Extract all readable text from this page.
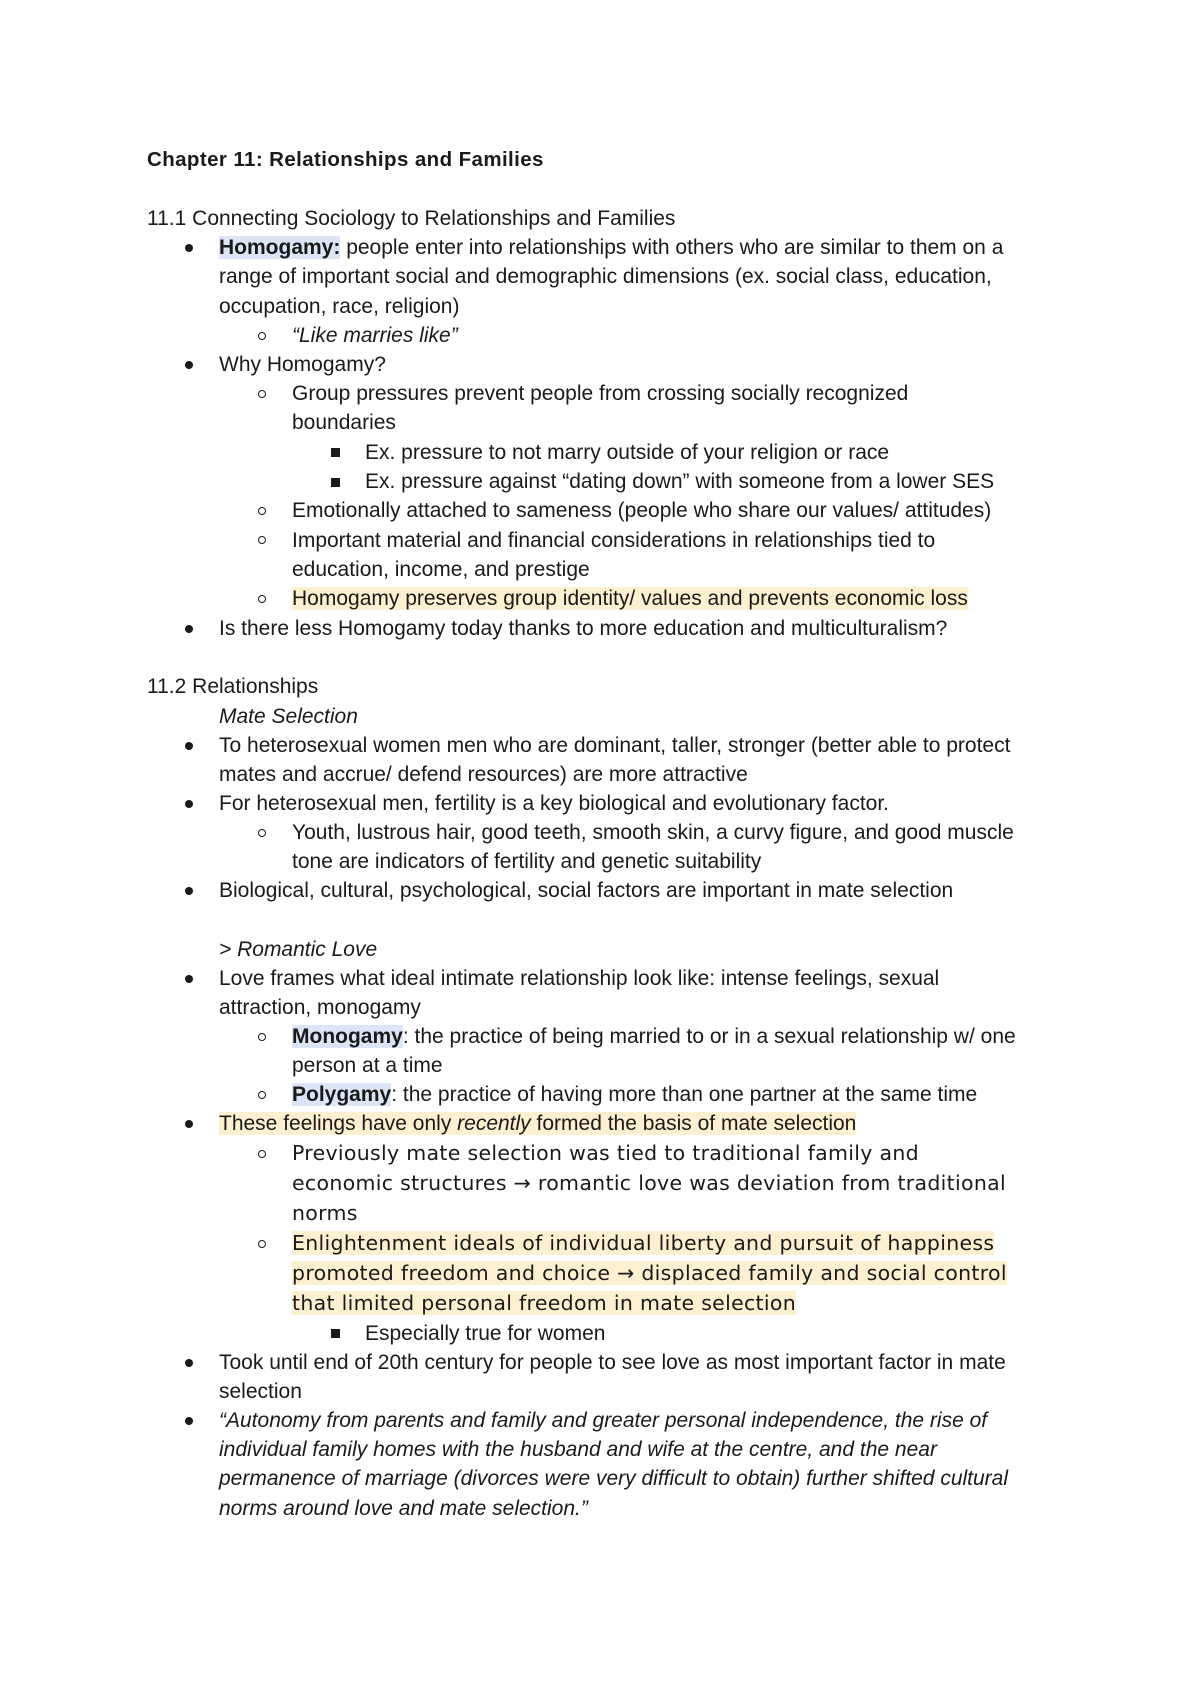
Chapter 11: Relationships and Families
11.1 Connecting Sociology to Relationships and Families
Homogamy: people enter into relationships with others who are similar to them on a
range of important social and demographic dimensions (ex. social class, education,
occupation, race, religion)
“Like marries like”
Why Homogamy?
Group pressures prevent people from crossing socially recognized
boundaries
Ex. pressure to not marry outside of your religion or race
Ex. pressure against “dating down” with someone from a lower SES
Emotionally attached to sameness (people who share our values/ attitudes)
Important material and financial considerations in relationships tied to
education, income, and prestige
Homogamy preserves group identity/ values and prevents economic loss
Is there less Homogamy today thanks to more education and multiculturalism?
11.2 Relationships
Mate Selection
To heterosexual women men who are dominant, taller, stronger (better able to protect
mates and accrue/ defend resources) are more attractive
For heterosexual men, fertility is a key biological and evolutionary factor.
Youth, lustrous hair, good teeth, smooth skin, a curvy figure, and good muscle
tone are indicators of fertility and genetic suitability
Biological, cultural, psychological, social factors are important in mate selection
> Romantic Love
Love frames what ideal intimate relationship look like: intense feelings, sexual
attraction, monogamy
Monogamy: the practice of being married to or in a sexual relationship w/ one
person at a time
Polygamy: the practice of having more than one partner at the same time
These feelings have only recently formed the basis of mate selection
Previously mate selection was tied to traditional family and
economic structures → romantic love was deviation from traditional
norms
Enlightenment ideals of individual liberty and pursuit of happiness
promoted freedom and choice → displaced family and social control
that limited personal freedom in mate selection
Especially true for women
Took until end of 20th century for people to see love as most important factor in mate
selection
“Autonomy from parents and family and greater personal independence, the rise of
individual family homes with the husband and wife at the centre, and the near
permanence of marriage (divorces were very difficult to obtain) further shifted cultural
norms around love and mate selection.”
